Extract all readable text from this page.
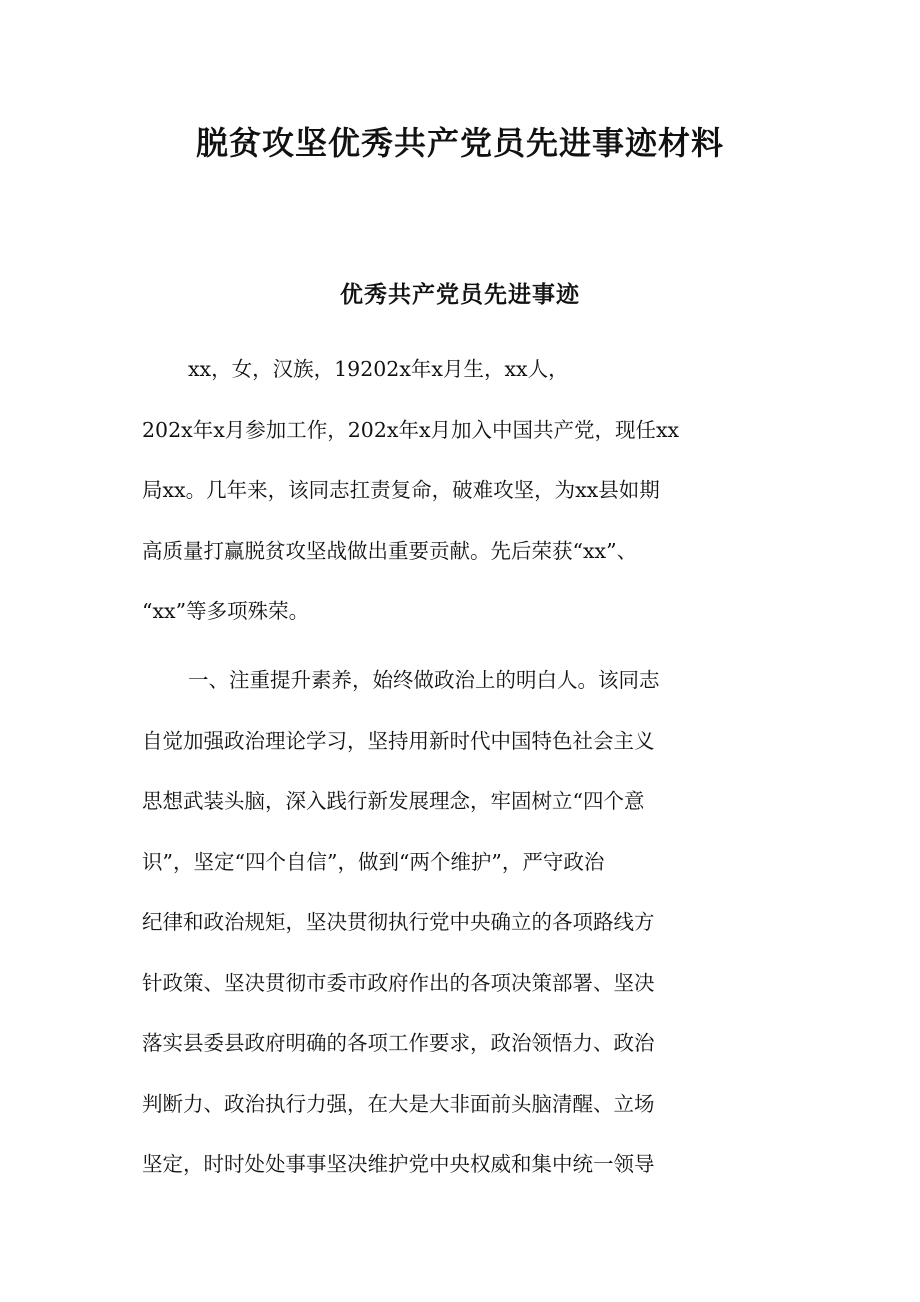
脱贫攻坚优秀共产党员先进事迹材料
优秀共产党员先进事迹
xx，女，汉族，19202x年x月生，xx人，
202x年x月参加工作，202x年x月加入中国共产党，现任xx
局xx。几年来，该同志扛责复命，破难攻坚，为xx县如期
高质量打赢脱贫攻坚战做出重要贡献。先后荣获“xx”、
“xx”等多项殊荣。
一、注重提升素养，始终做政治上的明白人。该同志
自觉加强政治理论学习，坚持用新时代中国特色社会主义
思想武装头脑，深入践行新发展理念，牢固树立“四个意
识”，坚定“四个自信”，做到“两个维护”，严守政治
纪律和政治规矩，坚决贯彻执行党中央确立的各项路线方
针政策、坚决贯彻市委市政府作出的各项决策部署、坚决
落实县委县政府明确的各项工作要求，政治领悟力、政治
判断力、政治执行力强，在大是大非面前头脑清醒、立场
坚定，时时处处事事坚决维护党中央权威和集中统一领导
